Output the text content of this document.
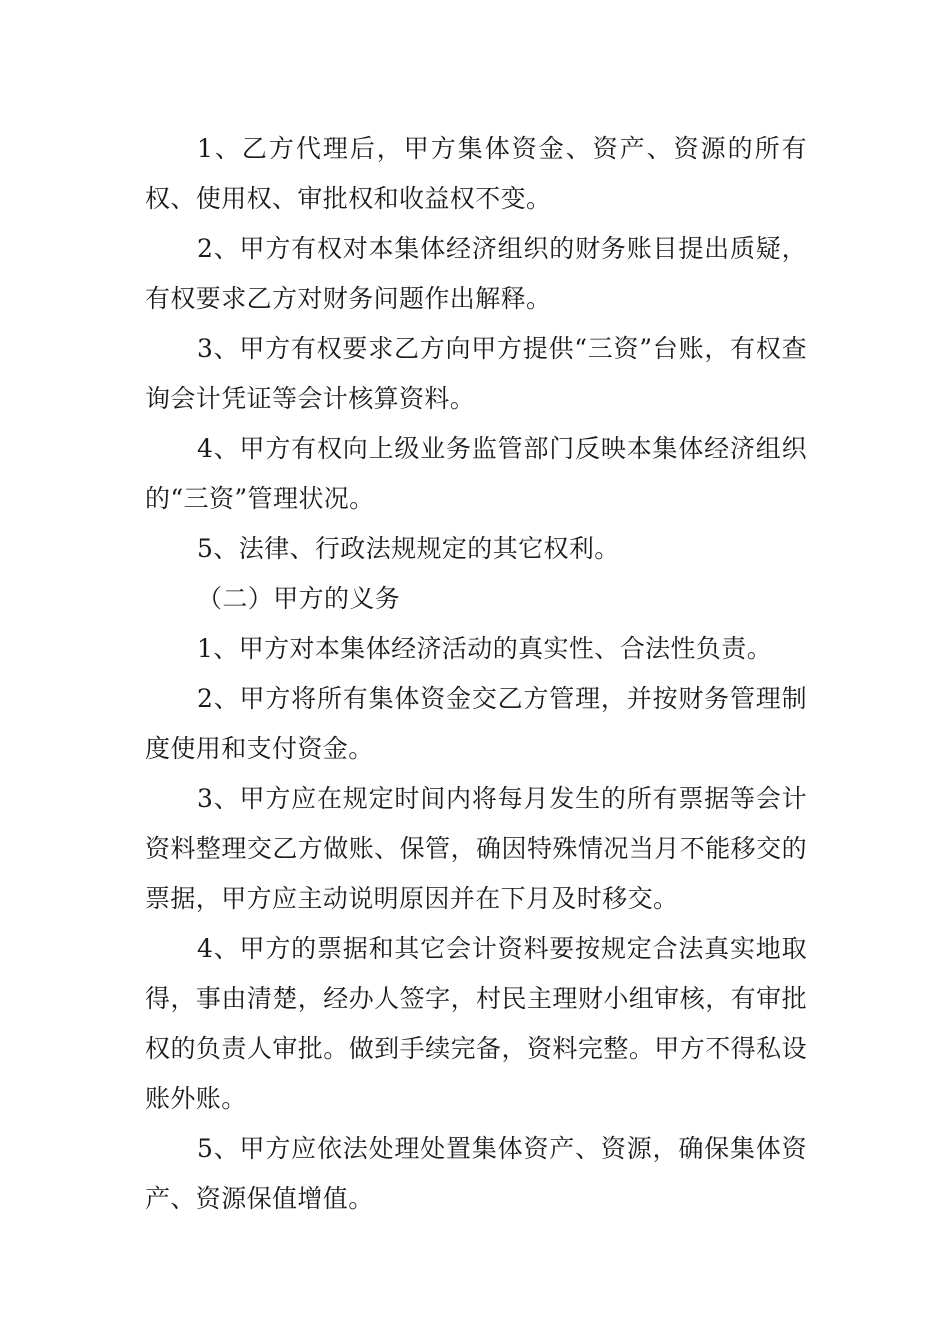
1、乙方代理后，甲方集体资金、资产、资源的所有权、使用权、审批权和收益权不变。

2、甲方有权对本集体经济组织的财务账目提出质疑，有权要求乙方对财务问题作出解释。

3、甲方有权要求乙方向甲方提供“三资”台账，有权查询会计凭证等会计核算资料。

4、甲方有权向上级业务监管部门反映本集体经济组织的“三资”管理状况。

5、法律、行政法规规定的其它权利。

（二）甲方的义务

1、甲方对本集体经济活动的真实性、合法性负责。

2、甲方将所有集体资金交乙方管理，并按财务管理制度使用和支付资金。

3、甲方应在规定时间内将每月发生的所有票据等会计资料整理交乙方做账、保管，确因特殊情况当月不能移交的票据，甲方应主动说明原因并在下月及时移交。

4、甲方的票据和其它会计资料要按规定合法真实地取得，事由清楚，经办人签字，村民主理财小组审核，有审批权的负责人审批。做到手续完备，资料完整。甲方不得私设账外账。

5、甲方应依法处理处置集体资产、资源，确保集体资产、资源保值增值。
